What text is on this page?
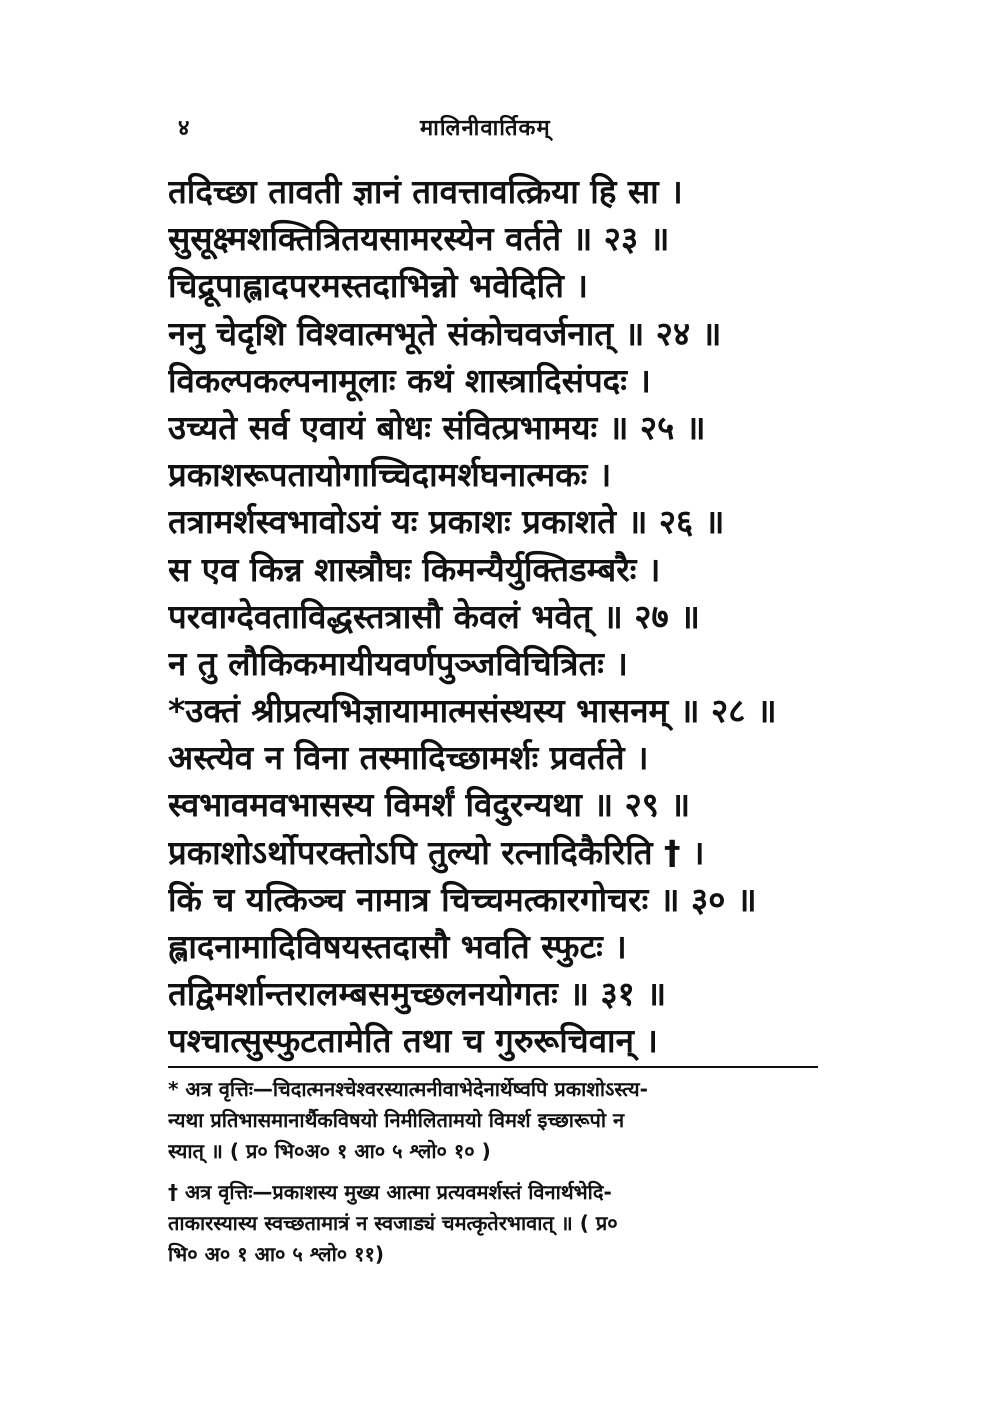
४	मालिनीवार्तिकम्
तदिच्छा तावती ज्ञानं तावत्तावत्क्रिया हि सा ।
सुसूक्ष्मशक्तित्रितयसामरस्येन वर्तते ॥ २३ ॥
चिद्रूपाह्लादपरमस्तदाभिन्नो भवेदिति ।
ननु चेदृशि विश्वात्मभूते संकोचवर्जनात् ॥ २४ ॥
विकल्पकल्पनामूलाः कथं शास्त्रादिसंपदः ।
उच्यते सर्व एवायं बोधः संवित्प्रभामयः ॥ २५ ॥
प्रकाशरूपतायोगाच्चिदामर्शघनात्मकः ।
तत्रामर्शस्वभावोऽयं यः प्रकाशः प्रकाशते ॥ २६ ॥
स एव किन्न शास्त्रौघः किमन्यैर्युक्तिडम्बरैः ।
परवाग्देवताविद्धस्तत्रासौ केवलं भवेत् ॥ २७ ॥
न तु लौकिकमायीयवर्णपुञ्जविचित्रितः ।
*उक्तं श्रीप्रत्यभिज्ञायामात्मसंस्थस्य भासनम् ॥ २८ ॥
अस्त्येव न विना तस्मादिच्छामर्शः प्रवर्तते ।
स्वभावमवभासस्य विमर्शं विदुरन्यथा ॥ २९ ॥
प्रकाशोऽर्थोपरक्तोऽपि तुल्यो रत्नादिकैरिति † ।
किं च यत्किञ्च नामात्र चिच्चमत्कारगोचरः ॥ ३० ॥
ह्लादनामादिविषयस्तदासौ भवति स्फुटः ।
तद्विमर्शान्तरालम्बसमुच्छलनयोगतः ॥ ३१ ॥
पश्चात्सुस्फुटतामेति तथा च गुरुरूचिवान् ।
* अत्र वृत्तिः—चिदात्मनश्चेश्वरस्यात्मनीवाभेदेनार्थेष्वपि प्रकाशोऽस्त्य-
न्यथा प्रतिभासमानार्थैकविषयो निमीलितामयो विमर्श इच्छारूपो न
स्यात् ॥ ( प्र० भि०अ० १ आ० ५ श्लो० १० )
† अत्र वृत्तिः—प्रकाशस्य मुख्य आत्मा प्रत्यवमर्शस्तं विनार्थभेदि-
ताकारस्यास्य स्वच्छतामात्रं न स्वजाड्यं चमत्कृतेरभावात् ॥ ( प्र०
भि० अ० १ आ० ५ श्लो० ११)
